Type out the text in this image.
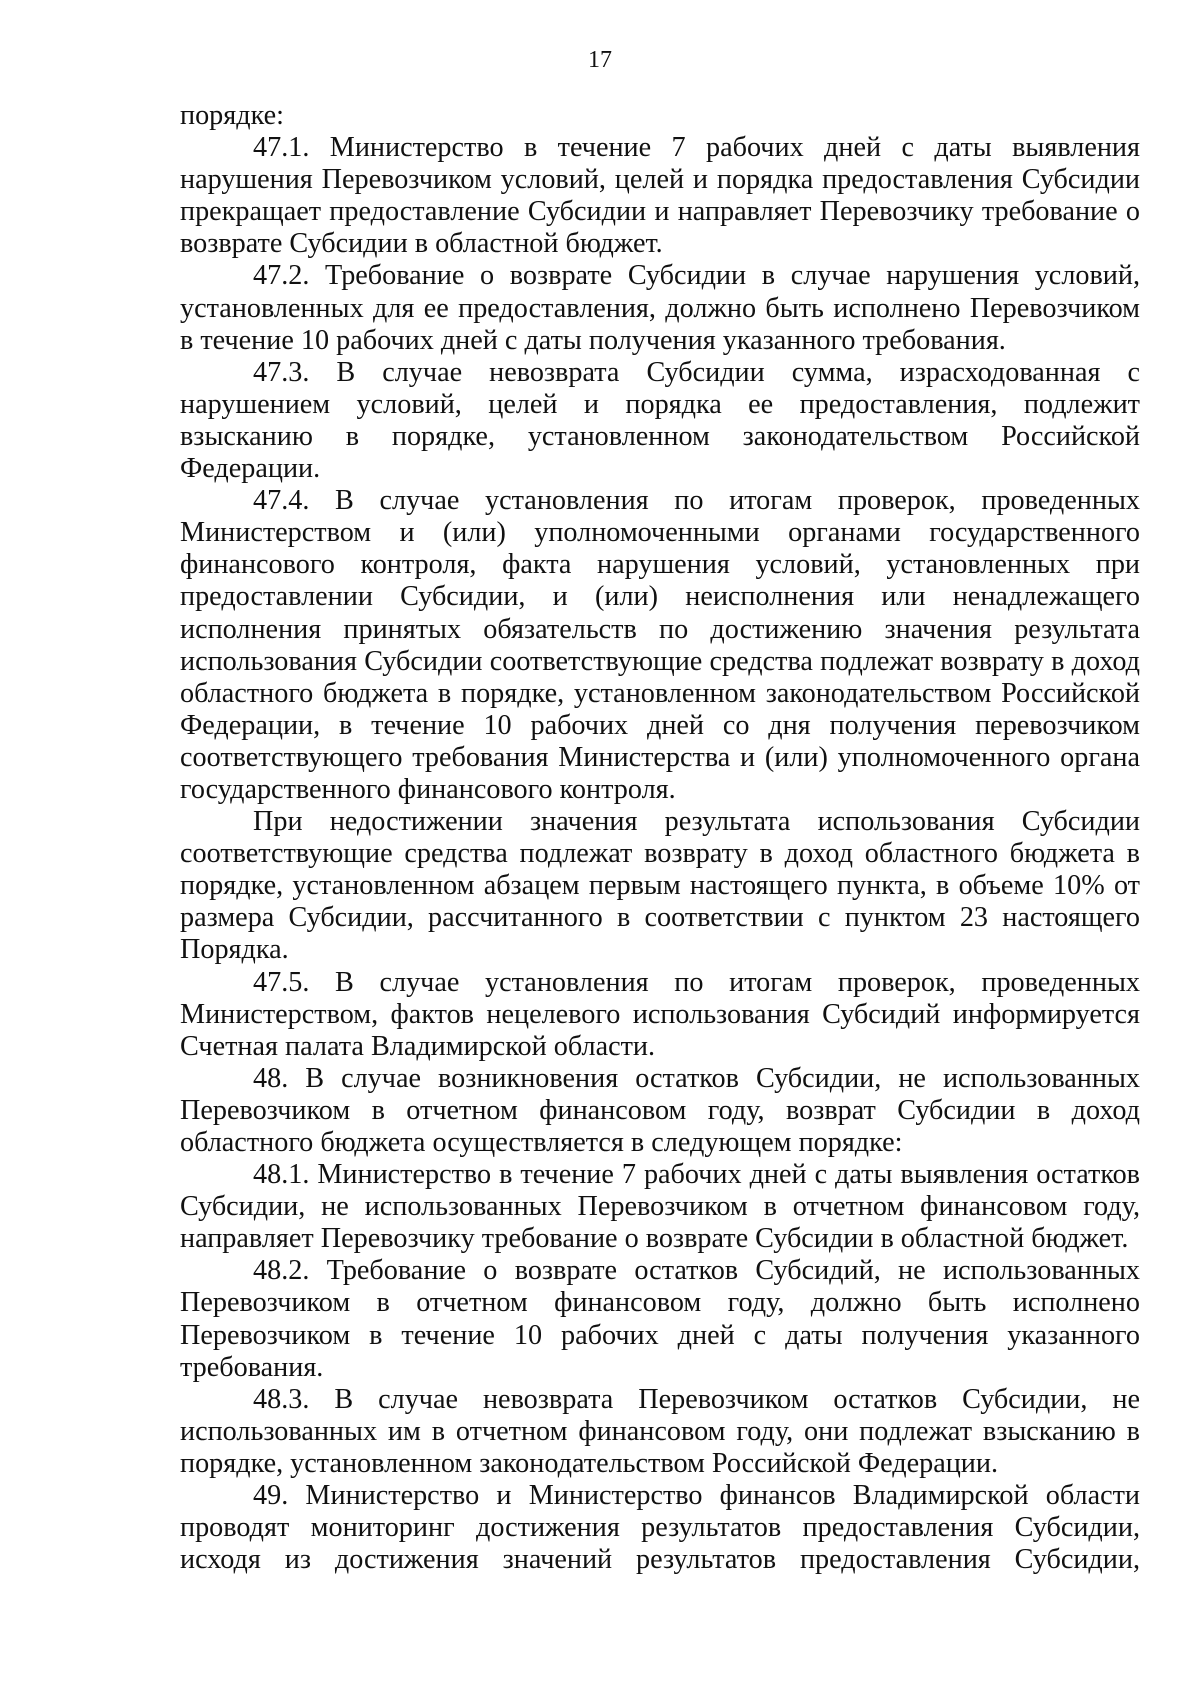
17

порядке:

47.1. Министерство в течение 7 рабочих дней с даты выявления нарушения Перевозчиком условий, целей и порядка предоставления Субсидии прекращает предоставление Субсидии и направляет Перевозчику требование о возврате Субсидии в областной бюджет.

47.2. Требование о возврате Субсидии в случае нарушения условий, установленных для ее предоставления, должно быть исполнено Перевозчиком в течение 10 рабочих дней с даты получения указанного требования.

47.3. В случае невозврата Субсидии сумма, израсходованная с нарушением условий, целей и порядка ее предоставления, подлежит взысканию в порядке, установленном законодательством Российской Федерации.

47.4. В случае установления по итогам проверок, проведенных Министерством и (или) уполномоченными органами государственного финансового контроля, факта нарушения условий, установленных при предоставлении Субсидии, и (или) неисполнения или ненадлежащего исполнения принятых обязательств по достижению значения результата использования Субсидии соответствующие средства подлежат возврату в доход областного бюджета в порядке, установленном законодательством Российской Федерации, в течение 10 рабочих дней со дня получения перевозчиком соответствующего требования Министерства и (или) уполномоченного органа государственного финансового контроля.

При недостижении значения результата использования Субсидии соответствующие средства подлежат возврату в доход областного бюджета в порядке, установленном абзацем первым настоящего пункта, в объеме 10% от размера Субсидии, рассчитанного в соответствии с пунктом 23 настоящего Порядка.

47.5. В случае установления по итогам проверок, проведенных Министерством, фактов нецелевого использования Субсидий информируется Счетная палата Владимирской области.

48. В случае возникновения остатков Субсидии, не использованных Перевозчиком в отчетном финансовом году, возврат Субсидии в доход областного бюджета осуществляется в следующем порядке:

48.1. Министерство в течение 7 рабочих дней с даты выявления остатков Субсидии, не использованных Перевозчиком в отчетном финансовом году, направляет Перевозчику требование о возврате Субсидии в областной бюджет.

48.2. Требование о возврате остатков Субсидий, не использованных Перевозчиком в отчетном финансовом году, должно быть исполнено Перевозчиком в течение 10 рабочих дней с даты получения указанного требования.

48.3. В случае невозврата Перевозчиком остатков Субсидии, не использованных им в отчетном финансовом году, они подлежат взысканию в порядке, установленном законодательством Российской Федерации.

49. Министерство и Министерство финансов Владимирской области проводят мониторинг достижения результатов предоставления Субсидии, исходя из достижения значений результатов предоставления Субсидии,
